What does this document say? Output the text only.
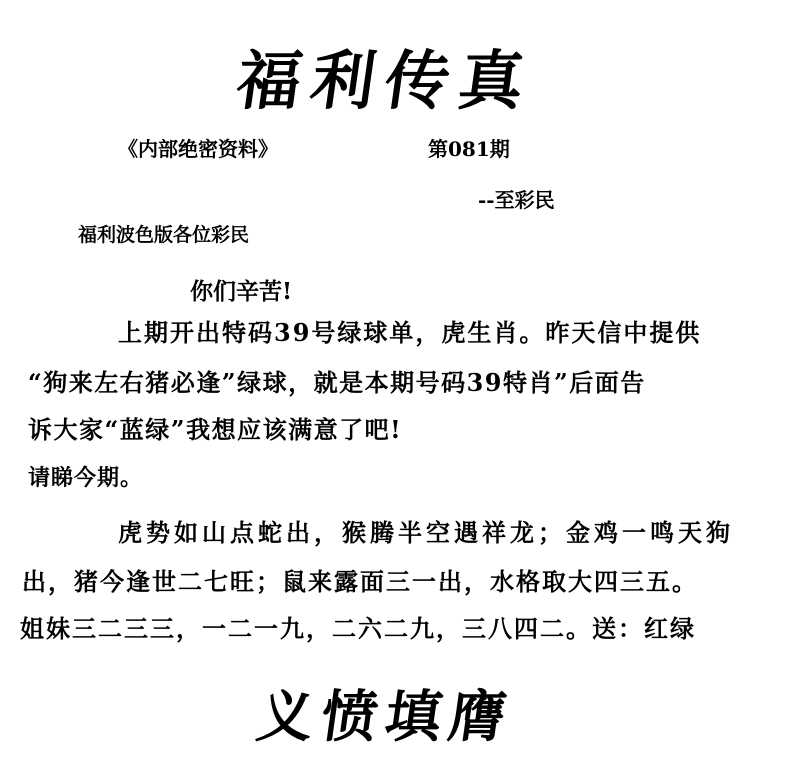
福利传真
《内部绝密资料》	第081期
--至彩民
福利波色版各位彩民
你们辛苦!
上期开出特码39号绿球单，虎生肖。昨天信中提供
“狗来左右猪必逢”绿球，就是本期号码39特肖”后面告
诉大家“蓝绿”我想应该满意了吧!
请睇今期。
虎势如山点蛇出，猴腾半空遇祥龙；金鸡一鸣天狗
出，猪今逢世二七旺；鼠来露面三一出，水格取大四三五。
姐妹三二三三，一二一九，二六二九，三八四二。送：红绿
义愤填膺
